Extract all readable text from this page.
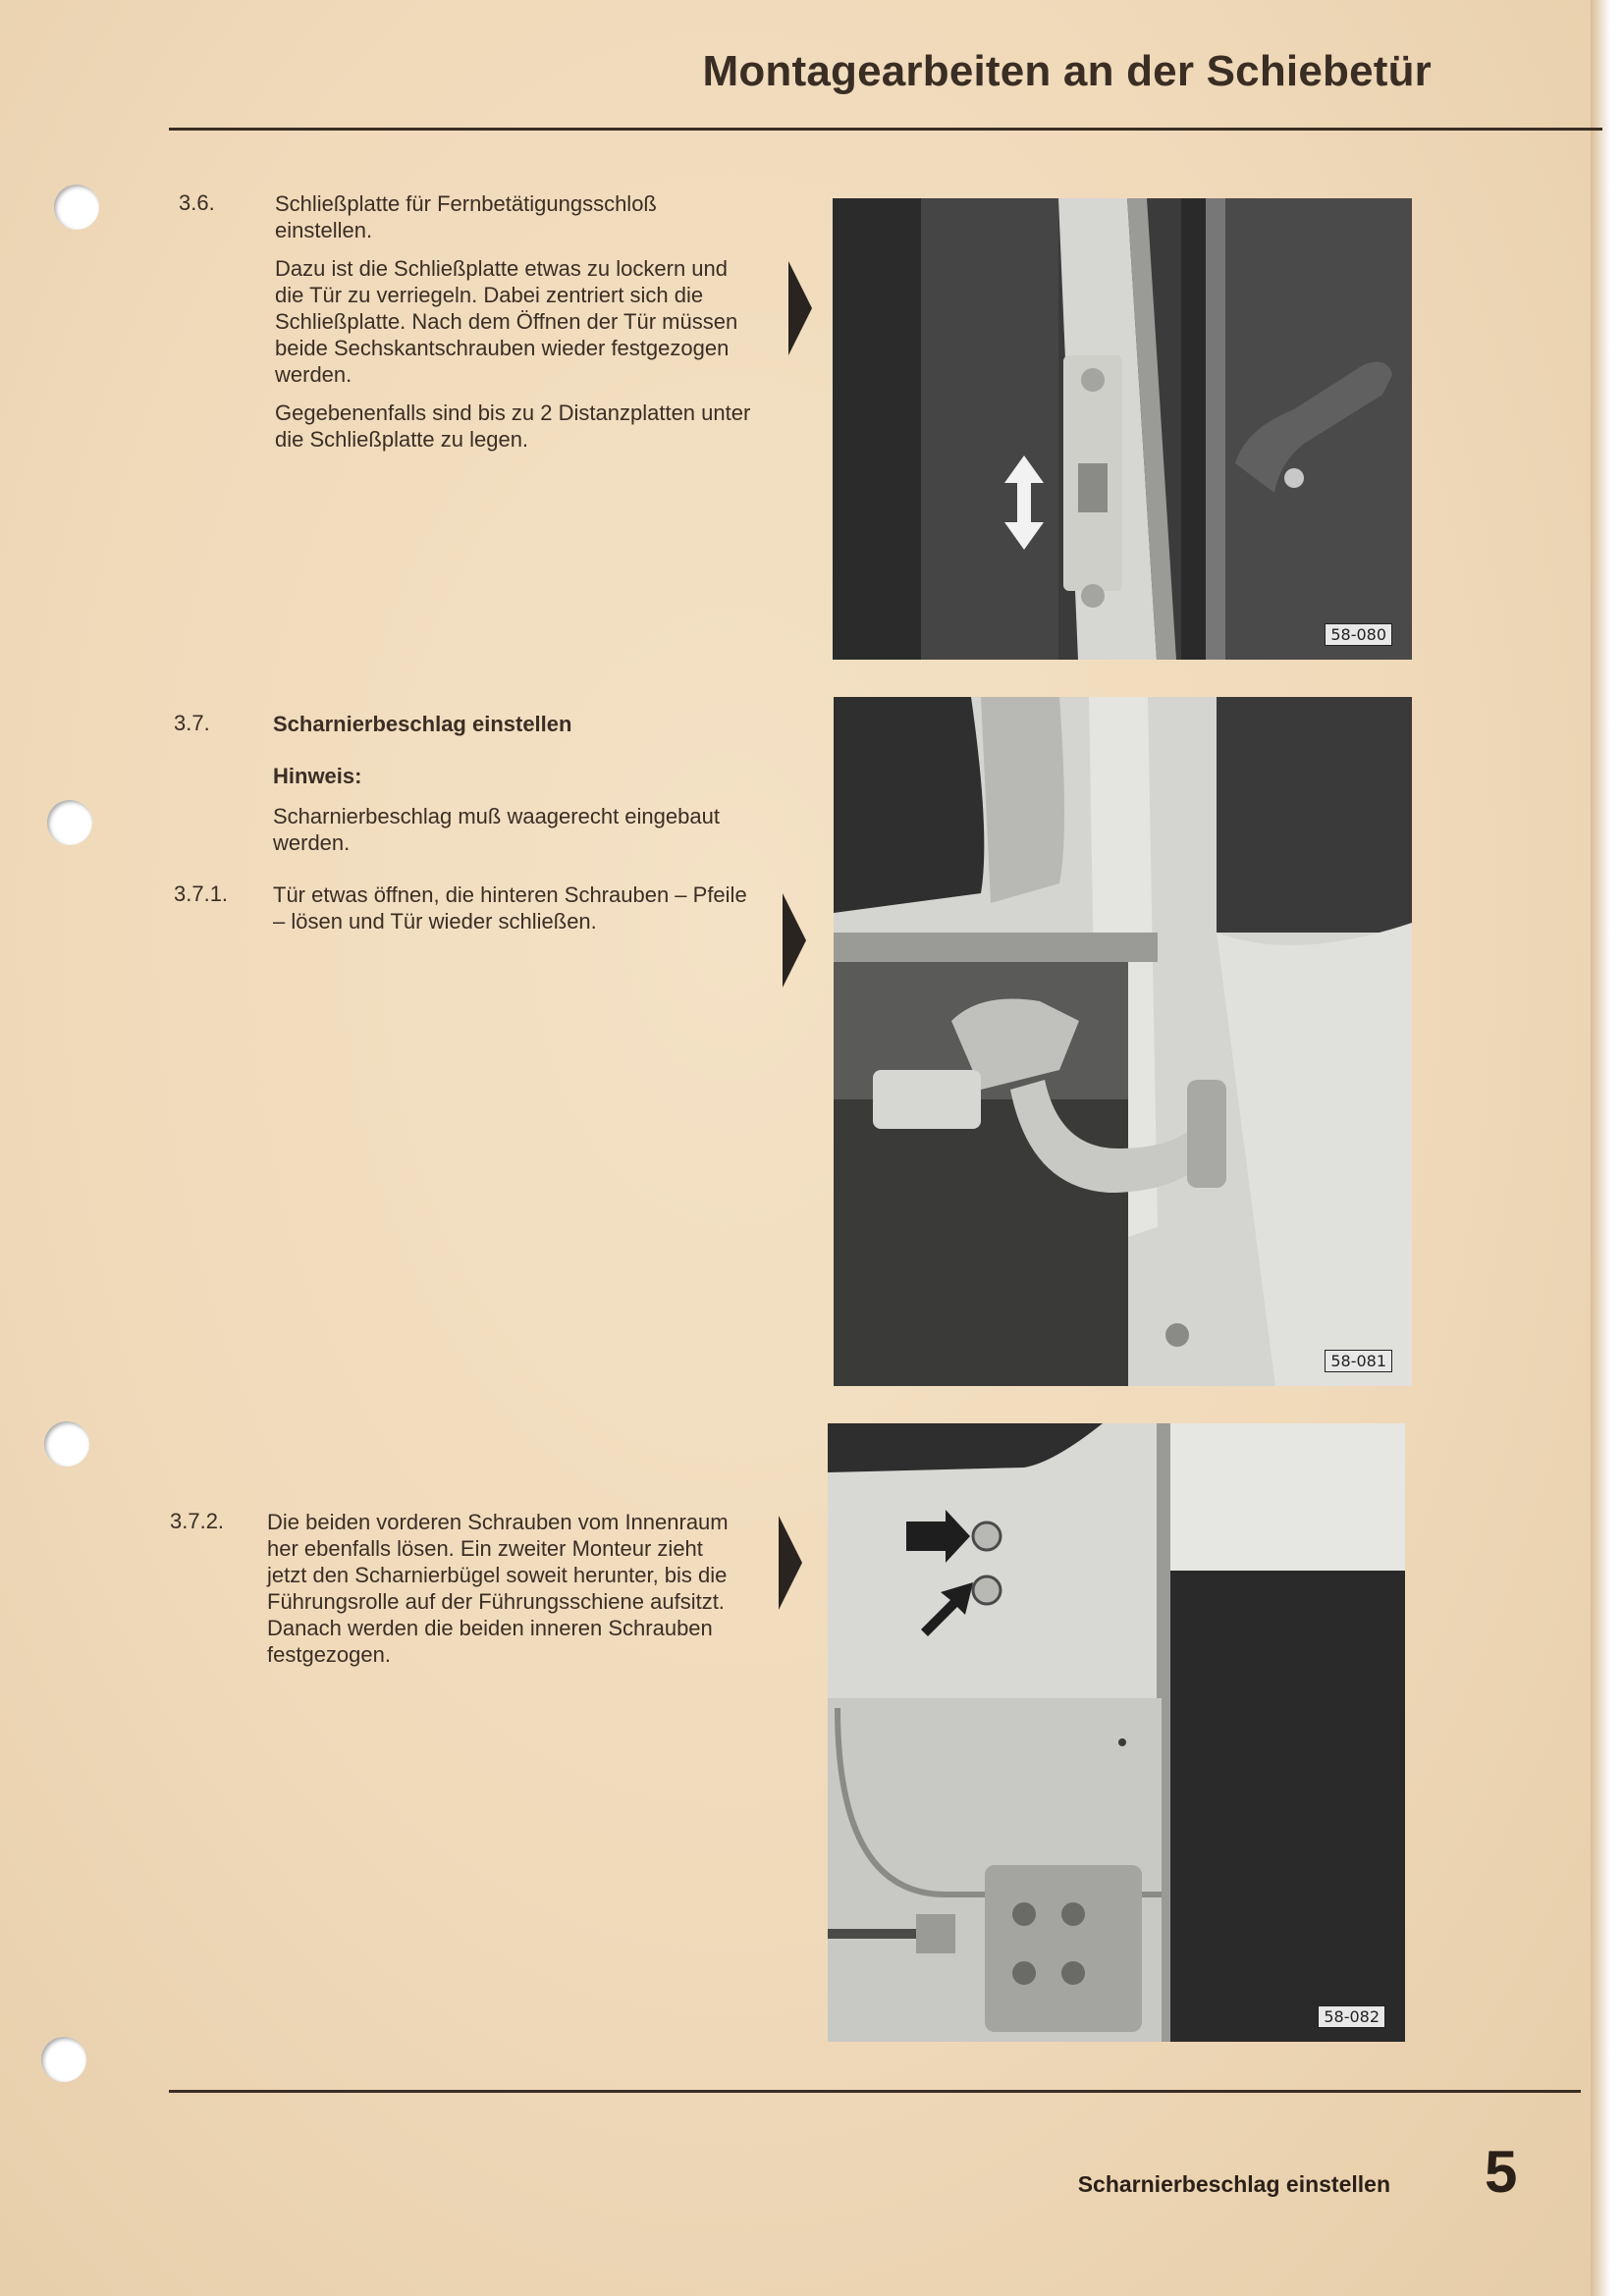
Montagearbeiten an der Schiebetür
3.6.	Schließplatte für Fernbetätigungsschloß einstellen.

Dazu ist die Schließplatte etwas zu lockern und die Tür zu verriegeln. Dabei zentriert sich die Schließplatte. Nach dem Öffnen der Tür müssen beide Sechskantschrauben wieder festgezogen werden.

Gegebenenfalls sind bis zu 2 Distanzplatten unter die Schließplatte zu legen.

58-080
3.7.	Scharnierbeschlag einstellen
Hinweis:
Scharnierbeschlag muß waagerecht eingebaut werden.
3.7.1. Tür etwas öffnen, die hinteren Schrauben – Pfeile – lösen und Tür wieder schließen.
58-081
3.7.2. Die beiden vorderen Schrauben vom Innenraum her ebenfalls lösen. Ein zweiter Monteur zieht jetzt den Scharnierbügel soweit herunter, bis die Führungsrolle auf der Führungsschiene aufsitzt. Danach werden die beiden inneren Schrauben festgezogen.
58-082
Scharnierbeschlag einstellen 5
